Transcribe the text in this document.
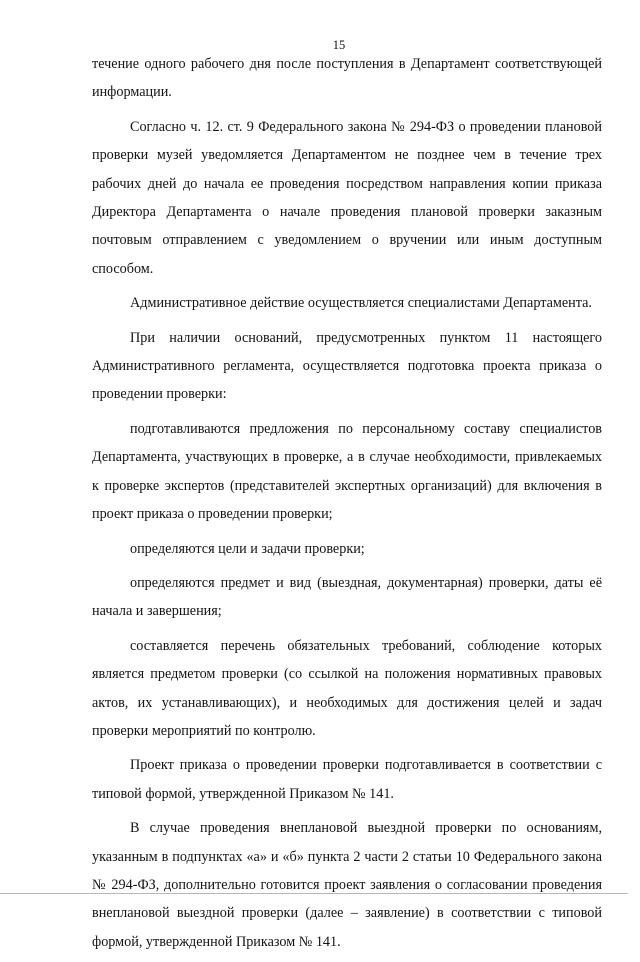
15

течение одного рабочего дня после поступления в Департамент соответствующей информации.

Согласно ч. 12. ст. 9 Федерального закона № 294-ФЗ о проведении плановой проверки музей уведомляется Департаментом не позднее чем в течение трех рабочих дней до начала ее проведения посредством направления копии приказа Директора Департамента о начале проведения плановой проверки заказным почтовым отправлением с уведомлением о вручении или иным доступным способом.

Административное действие осуществляется специалистами Департамента.

При наличии оснований, предусмотренных пунктом 11 настоящего Административного регламента, осуществляется подготовка проекта приказа о проведении проверки:

подготавливаются предложения по персональному составу специалистов Департамента, участвующих в проверке, а в случае необходимости, привлекаемых к проверке экспертов (представителей экспертных организаций) для включения в проект приказа о проведении проверки;

определяются цели и задачи проверки;

определяются предмет и вид (выездная, документарная) проверки, даты её начала и завершения;

составляется перечень обязательных требований, соблюдение которых является предметом проверки (со ссылкой на положения нормативных правовых актов, их устанавливающих), и необходимых для достижения целей и задач проверки мероприятий по контролю.

Проект приказа о проведении проверки подготавливается в соответствии с типовой формой, утвержденной Приказом № 141.

В случае проведения внеплановой выездной проверки по основаниям, указанным в подпунктах «а» и «б» пункта 2 части 2 статьи 10 Федерального закона № 294-ФЗ, дополнительно готовится проект заявления о согласовании проведения внеплановой выездной проверки (далее – заявление) в соответствии с типовой формой, утвержденной Приказом № 141.
